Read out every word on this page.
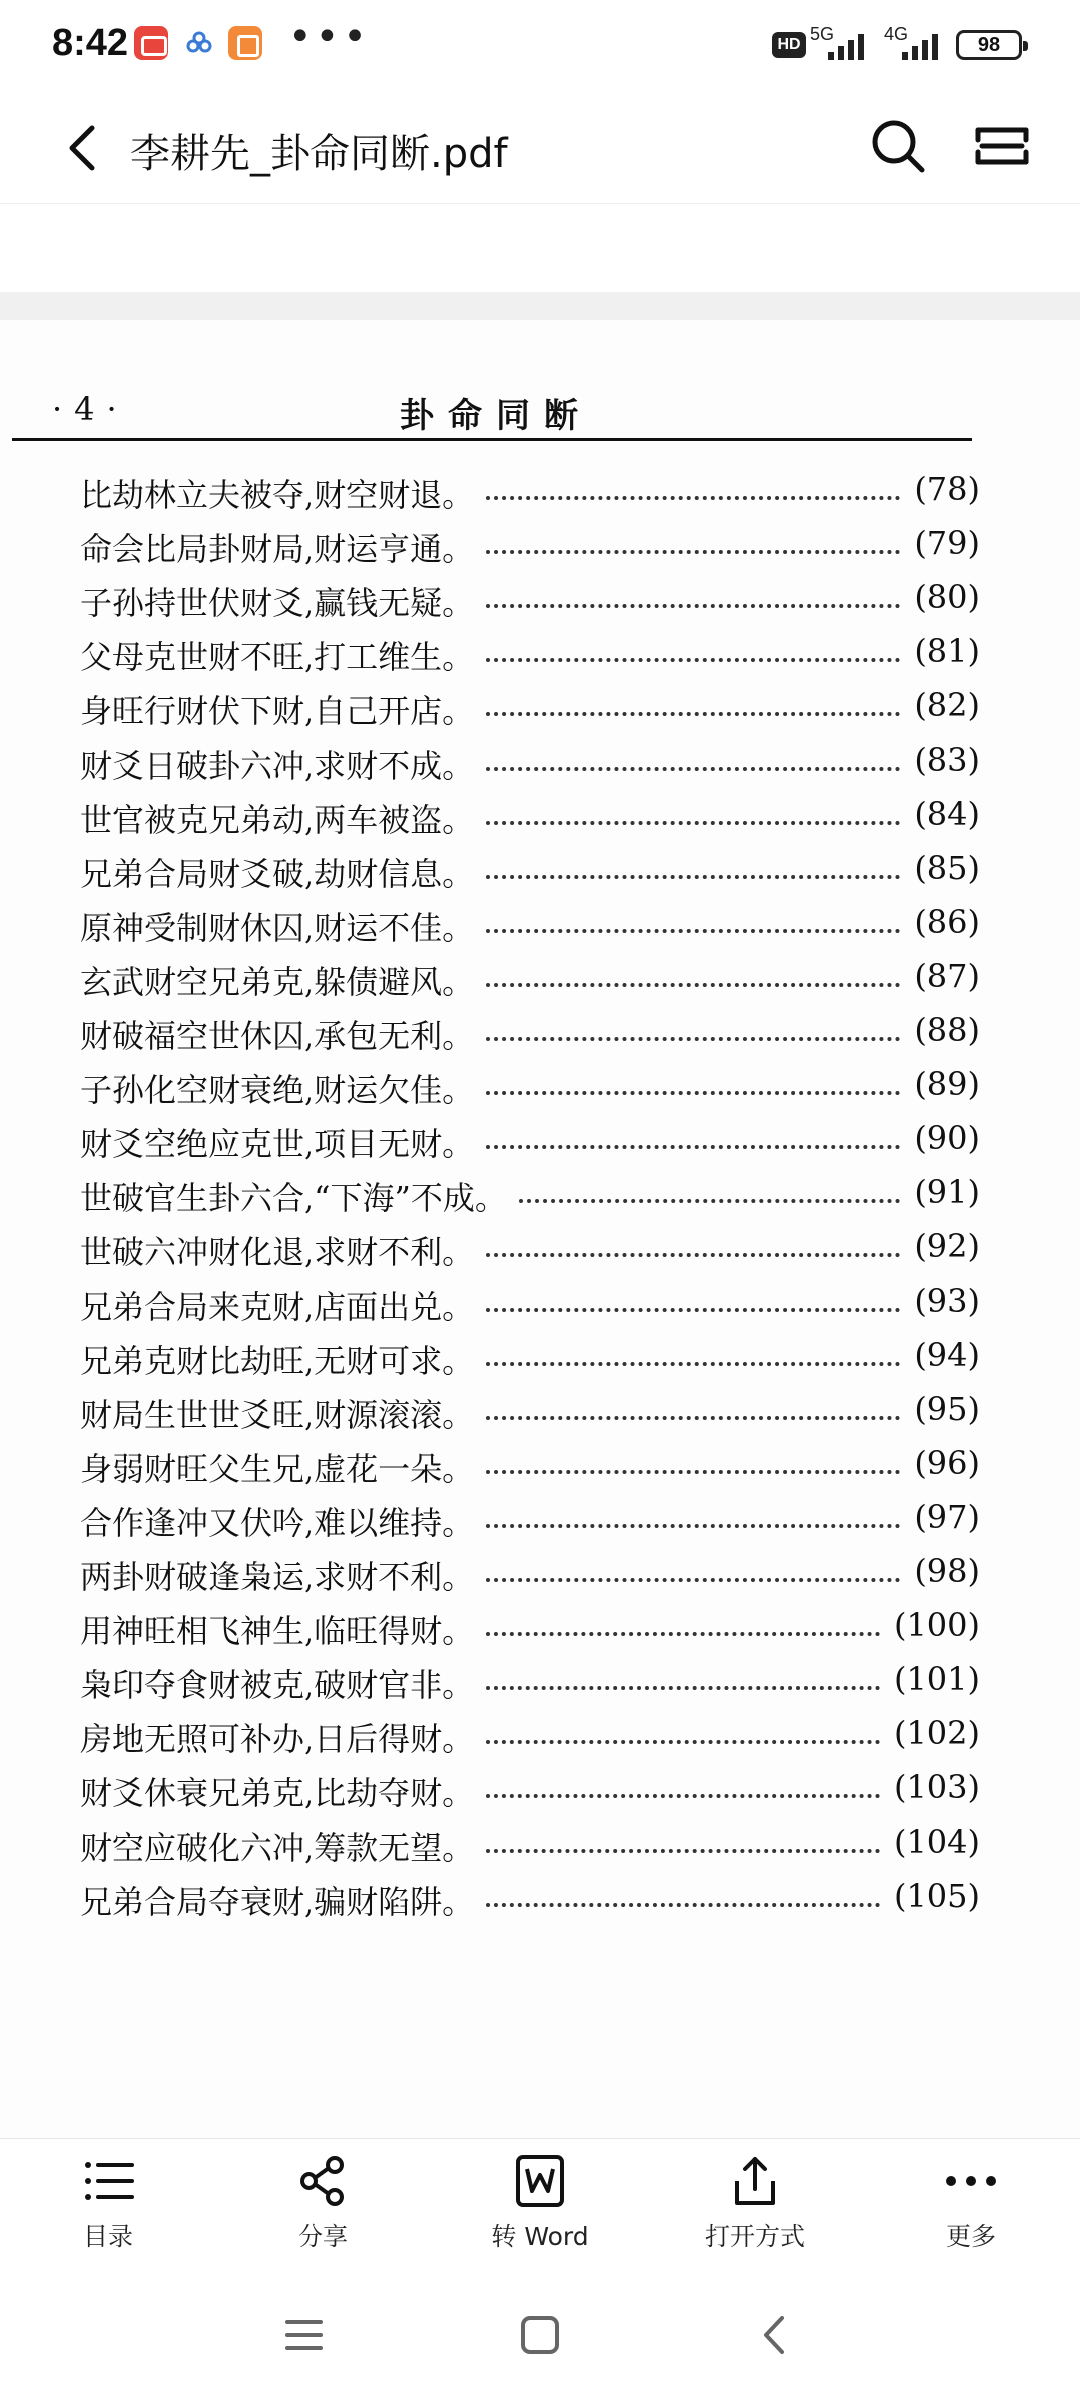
8:42	•••	HD
5G	4G	98
李耕先_卦命同断.pdf
·4·	卦命同断
比劫林立夫被夺,财空财退。	(78)
命会比局卦财局,财运亨通。	(79)
子孙持世伏财爻,赢钱无疑。	(80)
父母克世财不旺,打工维生。	(81)
身旺行财伏下财,自己开店。	(82)
财爻日破卦六冲,求财不成。	(83)
世官被克兄弟动,两车被盗。	(84)
兄弟合局财爻破,劫财信息。	(85)
原神受制财休囚,财运不佳。	(86)
玄武财空兄弟克,躲债避风。	(87)
财破福空世休囚,承包无利。	(88)
子孙化空财衰绝,财运欠佳。	(89)
财爻空绝应克世,项目无财。	(90)
世破官生卦六合,“下海”不成。	(91)
世破六冲财化退,求财不利。	(92)
兄弟合局来克财,店面出兑。	(93)
兄弟克财比劫旺,无财可求。	(94)
财局生世世爻旺,财源滚滚。	(95)
身弱财旺父生兄,虚花一朵。	(96)
合作逢冲又伏吟,难以维持。	(97)
两卦财破逢枭运,求财不利。	(98)
用神旺相飞神生,临旺得财。	(100)
枭印夺食财被克,破财官非。	(101)
房地无照可补办,日后得财。	(102)
财爻休衰兄弟克,比劫夺财。	(103)
财空应破化六冲,筹款无望。	(104)
兄弟合局夺衰财,骗财陷阱。	(105)
目录	分享	转 Word	打开方式	更多
